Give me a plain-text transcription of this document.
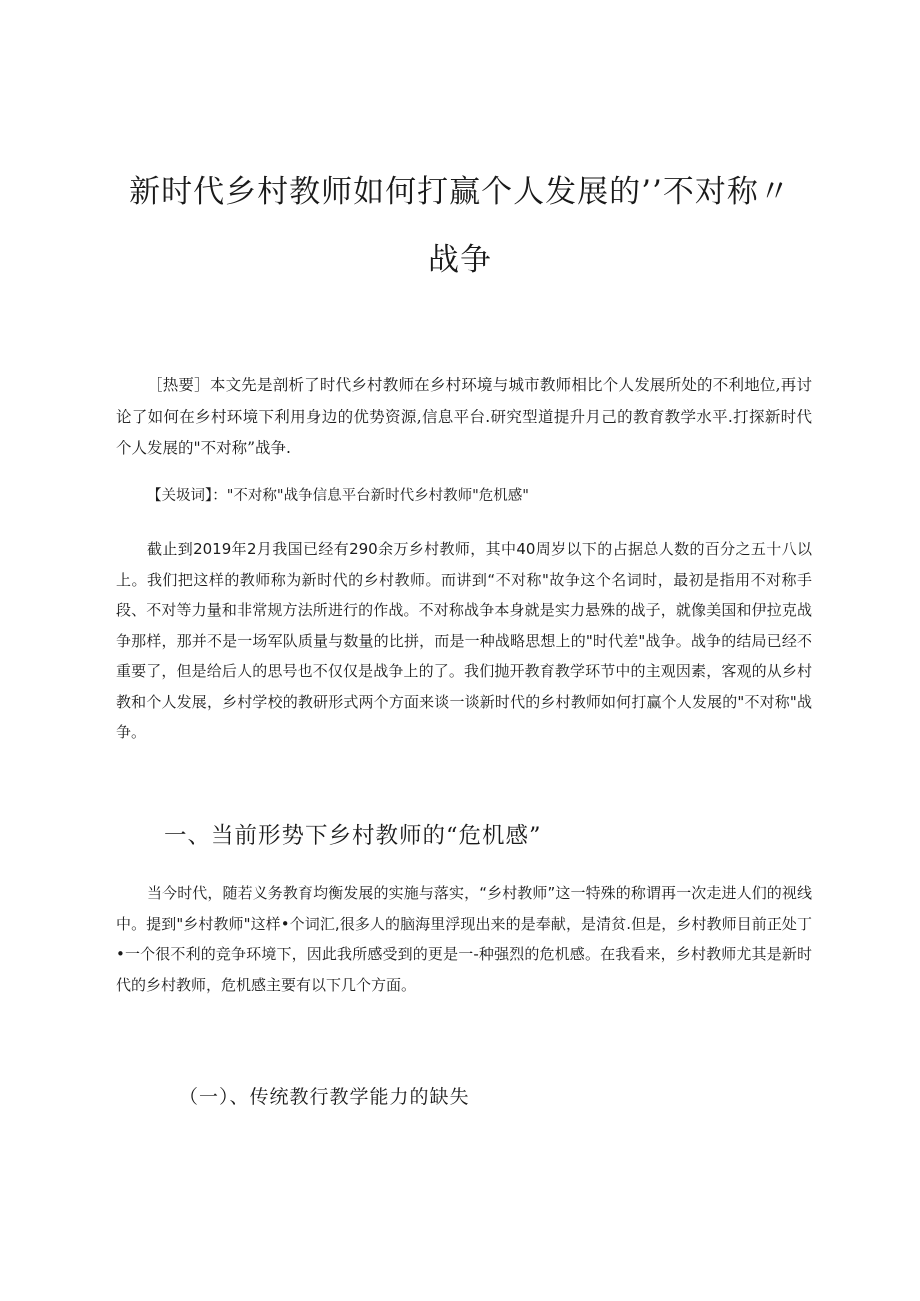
新时代乡村教师如何打赢个人发展的’’不对称〃
战争

［热要］本文先是剖析了时代乡村教师在乡村环境与城市教师相比个人发展所处的不利地位,再讨论了如何在乡村环境下利用身边的优势资源,信息平台.研究型道提升月己的教育教学水平.打探新时代个人发展的"不对称”战争.

【关圾词】："不对称"战争信息平台新时代乡村教师"危机感"

截止到2019年2月我国已经有290余万乡村教师，其中40周岁以下的占据总人数的百分之五十八以上。我们把这样的教师称为新时代的乡村教师。而讲到“不对称"故争这个名词时，最初是指用不对称手段、不对等力量和非常规方法所进行的作战。不对称战争本身就是实力悬殊的战子，就像美国和伊拉克战争那样，那并不是一场军队质量与数量的比拼，而是一种战略思想上的"时代差"战争。战争的结局已经不重要了，但是给后人的思号也不仅仅是战争上的了。我们抛开教育教学环节中的主观因素，客观的从乡村教和个人发展，乡村学校的教研形式两个方面来谈一谈新时代的乡村教师如何打赢个人发展的"不对称"战争。

一、当前形势下乡村教师的“危机感”

当今时代，随若义务教育均衡发展的实施与落实，“乡村教师”这一特殊的称谓再一次走进人们的视线中。提到"乡村教师"这样•个词汇,很多人的脑海里浮现出来的是奉献，是清贫.但是，乡村教师目前正处丁•一个很不利的竞争环境下，因此我所感受到的更是一-种强烈的危机感。在我看来，乡村教师尤其是新时代的乡村教师，危机感主要有以下几个方面。

（一）、传统教行教学能力的缺失
